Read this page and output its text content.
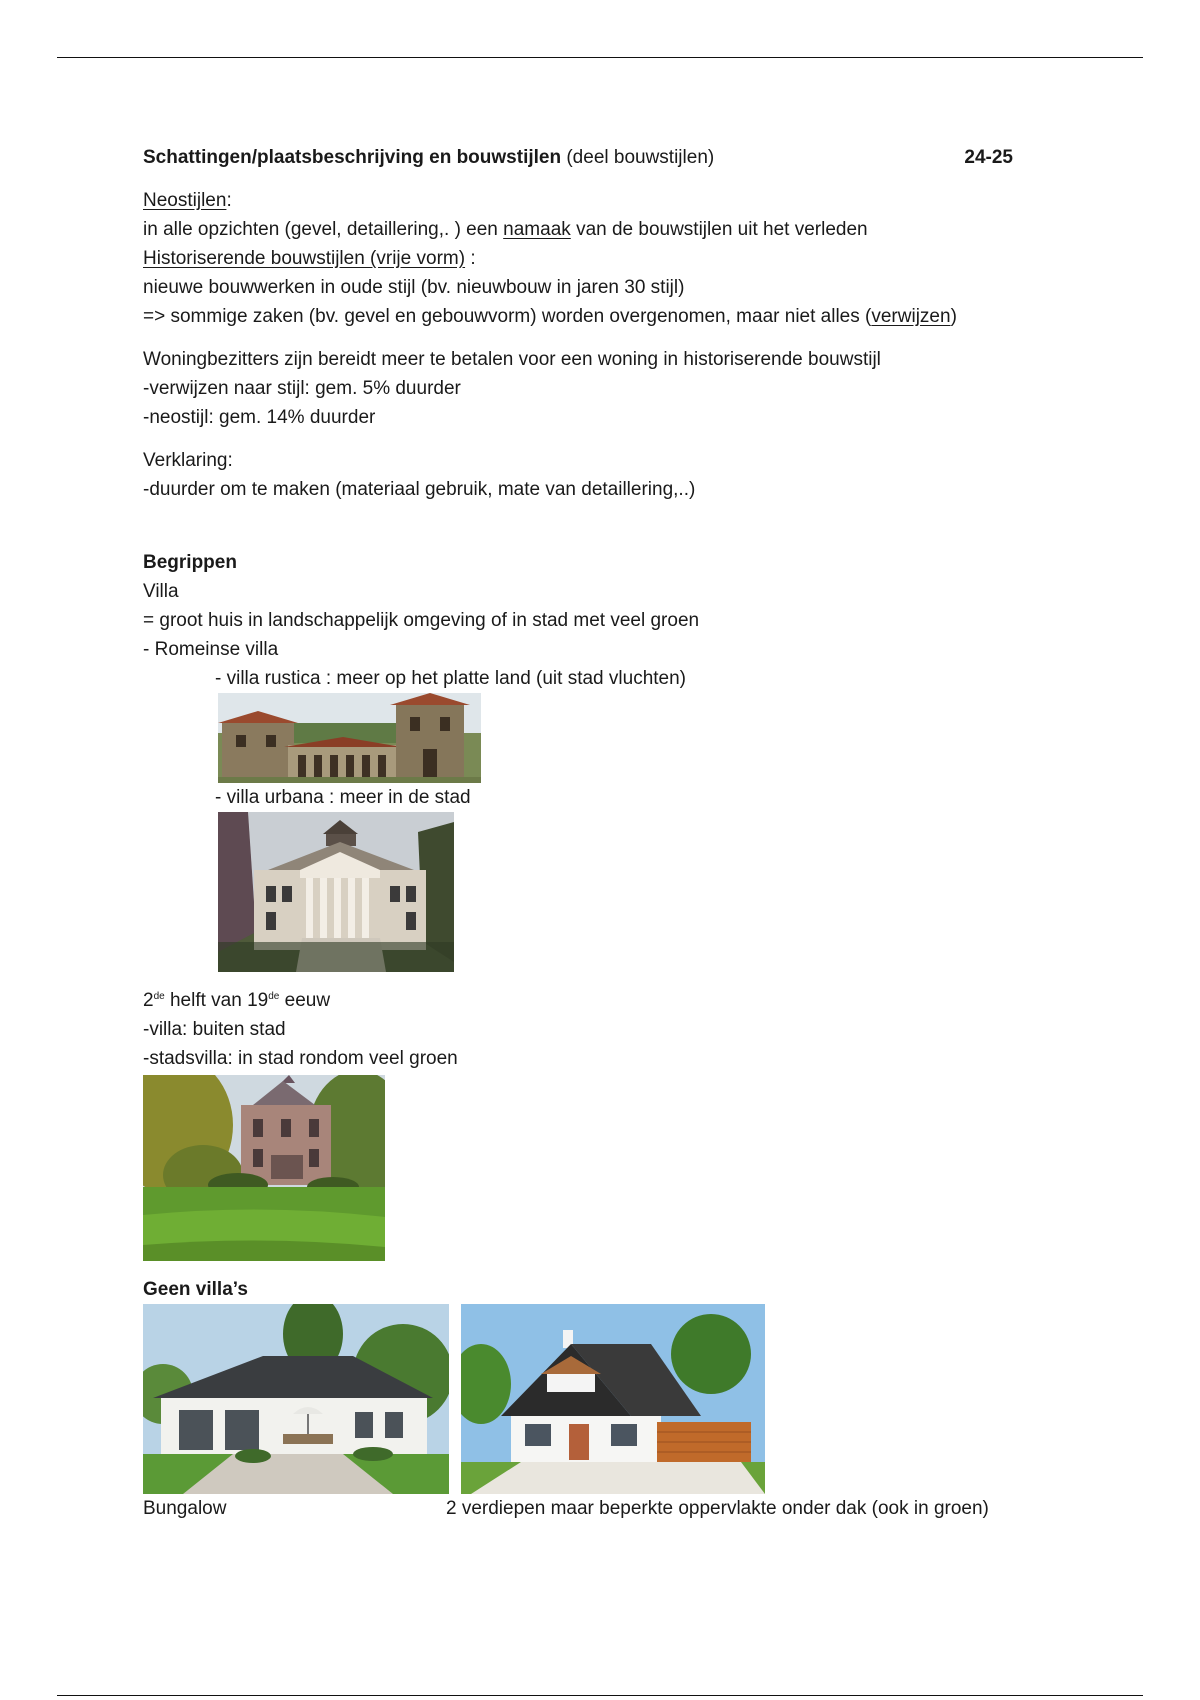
Schattingen/plaatsbeschrijving en bouwstijlen (deel bouwstijlen)	24-25

Neostijlen:

in alle opzichten (gevel, detaillering,. ) een namaak van de bouwstijlen uit het verleden

Historiserende bouwstijlen (vrije vorm) :

nieuwe bouwwerken in oude stijl (bv. nieuwbouw in jaren 30 stijl)

=> sommige zaken (bv. gevel en gebouwvorm) worden overgenomen, maar niet alles (verwijzen)

Woningbezitters zijn bereidt meer te betalen voor een woning in historiserende bouwstijl

-verwijzen naar stijl: gem. 5% duurder

-neostijl: gem. 14% duurder

Verklaring:

-duurder om te maken (materiaal gebruik, mate van detaillering,..)

Begrippen

Villa

= groot huis in landschappelijk omgeving of in stad met veel groen

- Romeinse villa

- villa rustica : meer op het platte land (uit stad vluchten)

- villa urbana : meer in de stad

2de helft van 19de eeuw

-villa: buiten stad

-stadsvilla: in stad rondom veel groen

Geen villa’s

Bungalow	2 verdiepen maar beperkte oppervlakte onder dak (ook in groen)
